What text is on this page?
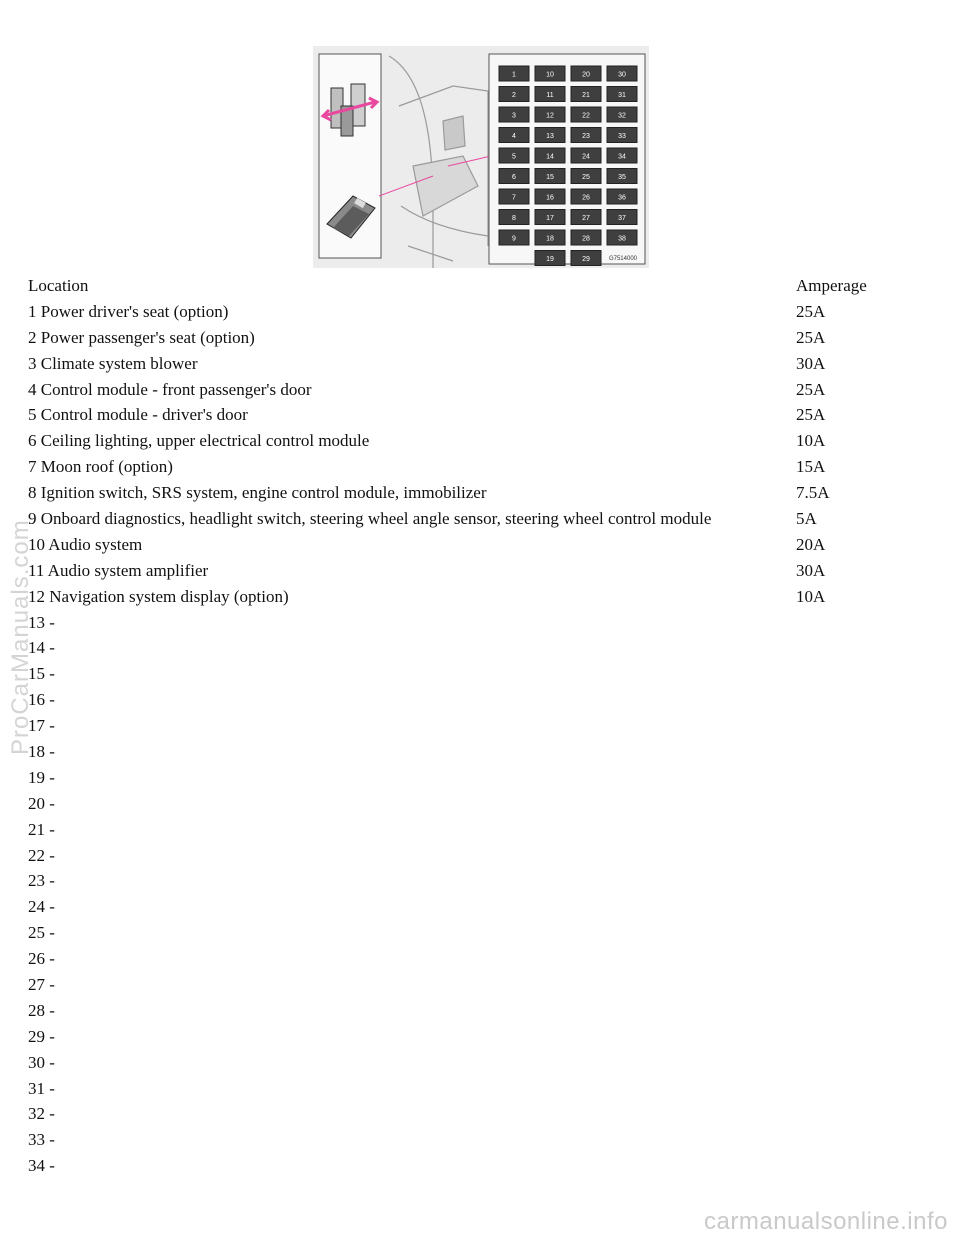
1	10	20	30
2	11	21	31
3	12	22	32
4	13	23	33
5	14	24	34
6	15	25	35
7	16	26	36
8	17	27	37
9	18	28	38
19	29	G7514000
Location	Amperage
1 Power driver's seat (option)	25A
2 Power passenger's seat (option)	25A
3 Climate system blower	30A
4 Control module - front passenger's door	25A
5 Control module - driver's door	25A
6 Ceiling lighting, upper electrical control module	10A
7 Moon roof (option)	15A
8 Ignition switch, SRS system, engine control module, immobilizer	7.5A
9 Onboard diagnostics, headlight switch, steering wheel angle sensor, steering wheel control module	5A
10 Audio system	20A
11 Audio system amplifier	30A
12 Navigation system display (option)	10A
13 -	
14 -	
15 -	
16 -	
17 -	
18 -	
19 -	
20 -	
21 -	
22 -	
23 -	
24 -	
25 -	
26 -	
27 -	
28 -	
29 -	
30 -	
31 -	
32 -	
33 -	
34 -	
ProCarManuals.com
carmanualsonline.info
